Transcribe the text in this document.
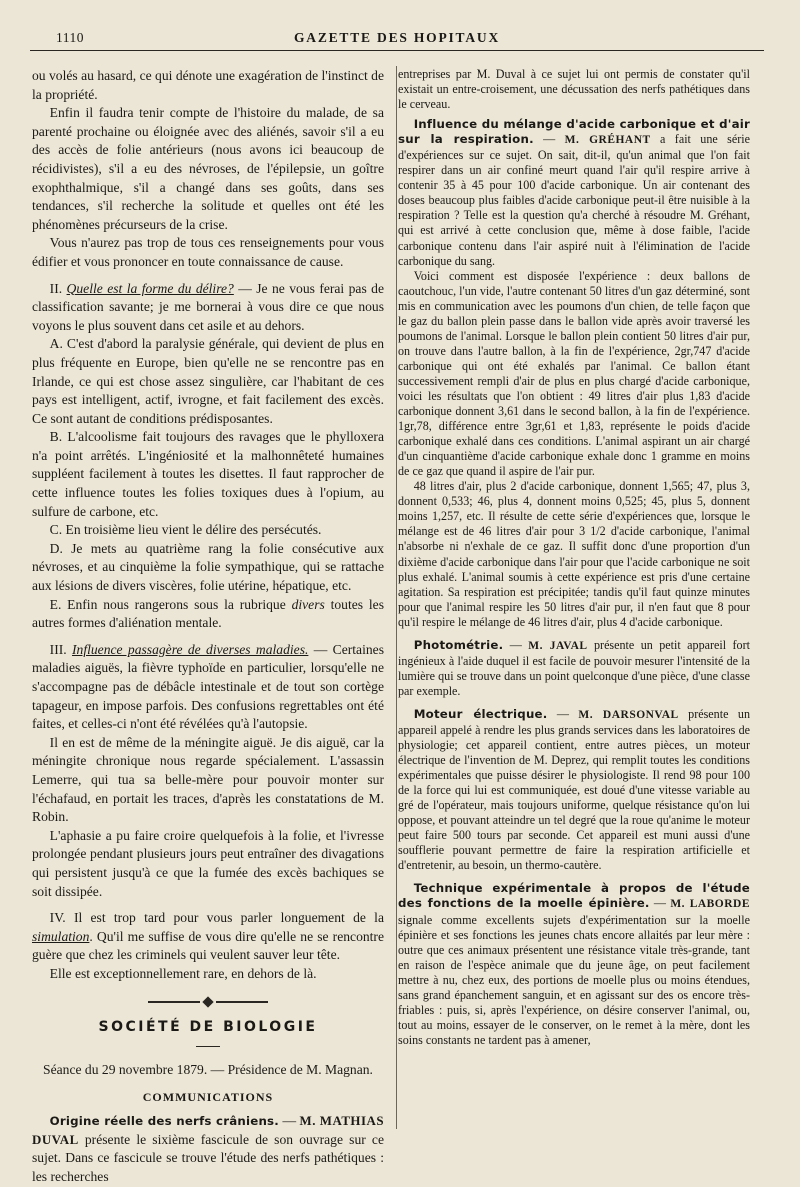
1110	GAZETTE DES HOPITAUX

ou volés au hasard, ce qui dénote une exagération de l'instinct de la propriété.

Enfin il faudra tenir compte de l'histoire du malade, de sa parenté prochaine ou éloignée avec des aliénés, savoir s'il a eu des accès de folie antérieurs (nous avons ici beaucoup de récidivistes), s'il a eu des névroses, de l'épilepsie, un goître exophthalmique, s'il a changé dans ses goûts, dans ses tendances, s'il recherche la solitude et quelles ont été les phénomènes précurseurs de la crise.

Vous n'aurez pas trop de tous ces renseignements pour vous édifier et vous prononcer en toute connaissance de cause.

II. Quelle est la forme du délire? — Je ne vous ferai pas de classification savante; je me bornerai à vous dire ce que nous voyons le plus souvent dans cet asile et au dehors.

A. C'est d'abord la paralysie générale, qui devient de plus en plus fréquente en Europe, bien qu'elle ne se rencontre pas en Irlande, ce qui est chose assez singulière, car l'habitant de ces pays est intelligent, actif, ivrogne, et fait facilement des excès. Ce sont autant de conditions prédisposantes.

B. L'alcoolisme fait toujours des ravages que le phylloxera n'a point arrêtés. L'ingéniosité et la malhonnêteté humaines suppléent facilement à toutes les disettes. Il faut rapprocher de cette influence toutes les folies toxiques dues à l'opium, au sulfure de carbone, etc.

C. En troisième lieu vient le délire des persécutés.

D. Je mets au quatrième rang la folie consécutive aux névroses, et au cinquième la folie sympathique, qui se rattache aux lésions de divers viscères, folie utérine, hépatique, etc.

E. Enfin nous rangerons sous la rubrique divers toutes les autres formes d'aliénation mentale.

III. Influence passagère de diverses maladies. — Certaines maladies aiguës, la fièvre typhoïde en particulier, lorsqu'elle ne s'accompagne pas de débâcle intestinale et de tout son cortège tapageur, en impose parfois. Des confusions regrettables ont été faites, et celles-ci n'ont été révélées qu'à l'autopsie.

Il en est de même de la méningite aiguë. Je dis aiguë, car la méningite chronique nous regarde spécialement. L'assassin Lemerre, qui tua sa belle-mère pour pouvoir monter sur l'échafaud, en portait les traces, d'après les constatations de M. Robin.

L'aphasie a pu faire croire quelquefois à la folie, et l'ivresse prolongée pendant plusieurs jours peut entraîner des divagations qui persistent jusqu'à ce que la fumée des excès bachiques se soit dissipée.

IV. Il est trop tard pour vous parler longuement de la simulation. Qu'il me suffise de vous dire qu'elle ne se rencontre guère que chez les criminels qui veulent sauver leur tête.

Elle est exceptionnellement rare, en dehors de là.

SOCIÉTÉ DE BIOLOGIE

Séance du 29 novembre 1879. — Présidence de M. Magnan.

COMMUNICATIONS

Origine réelle des nerfs crâniens. — M. MATHIAS DUVAL présente le sixième fascicule de son ouvrage sur ce sujet. Dans ce fascicule se trouve l'étude des nerfs pathétiques : les recherches

entreprises par M. Duval à ce sujet lui ont permis de constater qu'il existait un entre-croisement, une décussation des nerfs pathétiques dans le cerveau.

Influence du mélange d'acide carbonique et d'air sur la respiration. — M. GRÉHANT a fait une série d'expériences sur ce sujet. On sait, dit-il, qu'un animal que l'on fait respirer dans un air confiné meurt quand l'air qu'il respire arrive à contenir 35 à 45 pour 100 d'acide carbonique. Un air contenant des doses beaucoup plus faibles d'acide carbonique peut-il être nuisible à la respiration ? Telle est la question qu'a cherché à résoudre M. Gréhant, qui est arrivé à cette conclusion que, même à dose faible, l'acide carbonique contenu dans l'air aspiré nuit à l'élimination de l'acide carbonique du sang.

Voici comment est disposée l'expérience : deux ballons de caoutchouc, l'un vide, l'autre contenant 50 litres d'un gaz déterminé, sont mis en communication avec les poumons d'un chien, de telle façon que le gaz du ballon plein passe dans le ballon vide après avoir traversé les poumons de l'animal. Lorsque le ballon plein contient 50 litres d'air pur, on trouve dans l'autre ballon, à la fin de l'expérience, 2gr,747 d'acide carbonique qui ont été exhalés par l'animal. Ce ballon étant successivement rempli d'air de plus en plus chargé d'acide carbonique, voici les résultats que l'on obtient : 49 litres d'air plus 1,83 d'acide carbonique donnent 3,61 dans le second ballon, à la fin de l'expérience. 1gr,78, différence entre 3gr,61 et 1,83, représente le poids d'acide carbonique exhalé dans ces conditions. L'animal aspirant un air chargé d'un cinquantième d'acide carbonique exhale donc 1 gramme en moins de ce gaz que quand il aspire de l'air pur.

48 litres d'air, plus 2 d'acide carbonique, donnent 1,565; 47, plus 3, donnent 0,533; 46, plus 4, donnent moins 0,525; 45, plus 5, donnent moins 1,257, etc. Il résulte de cette série d'expériences que, lorsque le mélange est de 46 litres d'air pour 3 1/2 d'acide carbonique, l'animal n'absorbe ni n'exhale de ce gaz. Il suffit donc d'une proportion d'un dixième d'acide carbonique dans l'air pour que l'acide carbonique ne soit plus exhalé. L'animal soumis à cette expérience est pris d'une certaine agitation. Sa respiration est précipitée; tandis qu'il faut quinze minutes pour que l'animal respire les 50 litres d'air pur, il n'en faut que 8 pour qu'il respire le mélange de 46 litres d'air, plus 4 d'acide carbonique.

Photométrie. — M. JAVAL présente un petit appareil fort ingénieux à l'aide duquel il est facile de pouvoir mesurer l'intensité de la lumière qui se trouve dans un point quelconque d'une pièce, d'une classe par exemple.

Moteur électrique. — M. DARSONVAL présente un appareil appelé à rendre les plus grands services dans les laboratoires de physiologie; cet appareil contient, entre autres pièces, un moteur électrique de l'invention de M. Deprez, qui remplit toutes les conditions expérimentales que puisse désirer le physiologiste. Il rend 98 pour 100 de la force qui lui est communiquée, est doué d'une vitesse variable au gré de l'opérateur, mais toujours uniforme, quelque résistance qu'on lui oppose, et pouvant atteindre un tel degré que la roue qu'anime le moteur peut faire 500 tours par seconde. Cet appareil est muni aussi d'une soufflerie pouvant permettre de faire la respiration artificielle et d'entretenir, au besoin, un thermo-cautère.

Technique expérimentale à propos de l'étude des fonctions de la moelle épinière. — M. LABORDE signale comme excellents sujets d'expérimentation sur la moelle épinière et ses fonctions les jeunes chats encore allaités par leur mère : outre que ces animaux présentent une résistance vitale très-grande, tant en raison de l'espèce animale que du jeune âge, on peut facilement mettre à nu, chez eux, des portions de moelle plus ou moins étendues, sans grand épanchement sanguin, et en agissant sur des os encore très-friables : puis, si, après l'expérience, on désire conserver l'animal, ou, tout au moins, essayer de le conserver, on le remet à la mère, dont les soins constants ne tardent pas à amener,
